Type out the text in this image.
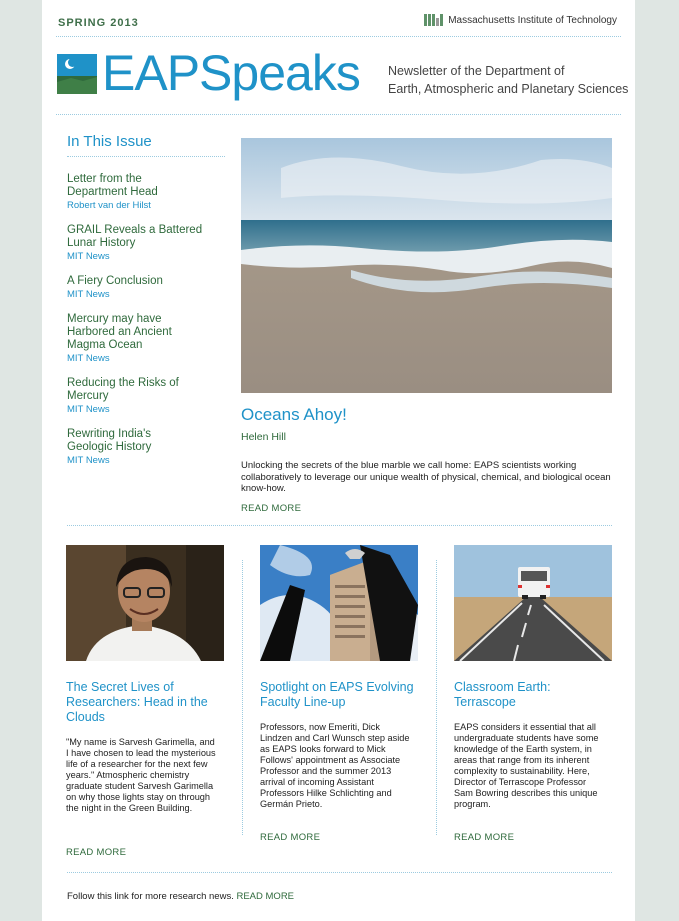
SPRING 2013	Massachusetts Institute of Technology
EAPSpeaks Newsletter of the Department of
Earth, Atmospheric and Planetary Sciences
In This Issue
Letter from the Department Head
Robert van der Hilst
GRAIL Reveals a Battered Lunar History
MIT News
A Fiery Conclusion
MIT News
Mercury may have Harbored an Ancient Magma Ocean
MIT News
Reducing the Risks of Mercury
MIT News
Rewriting India's Geologic History
MIT News
Oceans Ahoy!
Helen Hill
Unlocking the secrets of the blue marble we call home: EAPS scientists working collaboratively to leverage our unique wealth of physical, chemical, and biological ocean know-how.
READ MORE
The Secret Lives of Researchers: Head in the Clouds
"My name is Sarvesh Garimella, and I have chosen to lead the mysterious life of a researcher for the next few years." Atmospheric chemistry graduate student Sarvesh Garimella on why those lights stay on through the night in the Green Building.
READ MORE
Spotlight on EAPS Evolving Faculty Line-up
Professors, now Emeriti, Dick Lindzen and Carl Wunsch step aside as EAPS looks forward to Mick Follows' appointment as Associate Professor and the summer 2013 arrival of incoming Assistant Professors Hilke Schlichting and Germán Prieto.
READ MORE
Classroom Earth: Terrascope
EAPS considers it essential that all undergraduate students have some knowledge of the Earth system, in areas that range from its inherent complexity to sustainability. Here, Director of Terrascope Professor Sam Bowring describes this unique program.
READ MORE
Follow this link for more research news. READ MORE
